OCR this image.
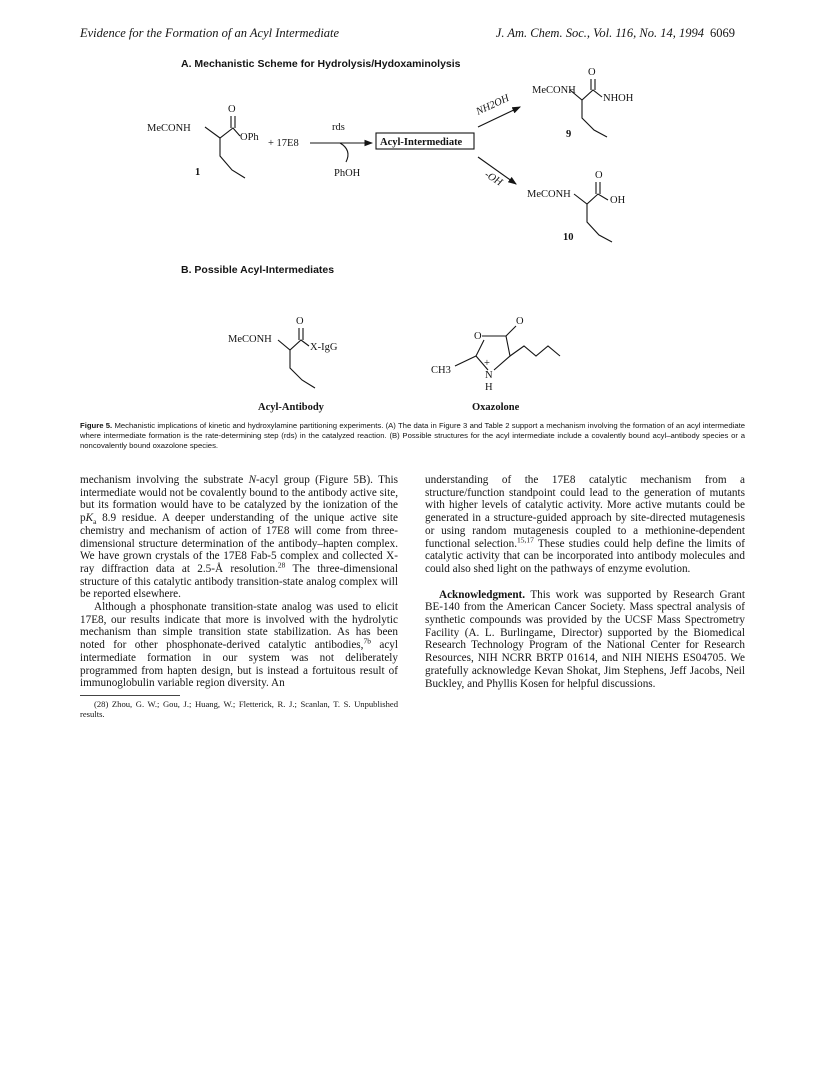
Evidence for the Formation of an Acyl Intermediate	J. Am. Chem. Soc., Vol. 116, No. 14, 1994 6069
A. Mechanistic Scheme for Hydrolysis/Hydoxaminolysis
B. Possible Acyl-Intermediates
MeCONH
O
OPh
1
+ 17E8
rds
PhOH
Acyl-Intermediate
NH2OH
-OH
MeCONH
O
NHOH
9
MeCONH
O
OH
10
MeCONH
O
X-IgG
Acyl-Antibody
O
O
CH3
+
N
H
Oxazolone
Figure 5. Mechanistic implications of kinetic and hydroxylamine partitioning experiments. (A) The data in Figure 3 and Table 2 support a mechanism involving the formation of an acyl intermediate where intermediate formation is the rate-determining step (rds) in the catalyzed reaction. (B) Possible structures for the acyl intermediate include a covalently bound acyl–antibody species or a noncovalently bound oxazolone species.

mechanism involving the substrate N-acyl group (Figure 5B). This intermediate would not be covalently bound to the antibody active site, but its formation would have to be catalyzed by the ionization of the $pK_a$ 8.9 residue. A deeper understanding of the unique active site chemistry and mechanism of action of 17E8 will come from three-dimensional structure determination of the antibody–hapten complex. We have grown crystals of the 17E8 Fab-5 complex and collected X-ray diffraction data at 2.5-Å resolution.$^{28}$ The three-dimensional structure of this catalytic antibody transition-state analog complex will be reported elsewhere.

Although a phosphonate transition-state analog was used to elicit 17E8, our results indicate that more is involved with the hydrolytic mechanism than simple transition state stabilization. As has been noted for other phosphonate-derived catalytic antibodies,$^{7b}$ acyl intermediate formation in our system was not deliberately programmed from hapten design, but is instead a fortuitous result of immunoglobulin variable region diversity. An

(28) Zhou, G. W.; Gou, J.; Huang, W.; Fletterick, R. J.; Scanlan, T. S. Unpublished results.

understanding of the 17E8 catalytic mechanism from a structure/function standpoint could lead to the generation of mutants with higher levels of catalytic activity. More active mutants could be generated in a structure-guided approach by site-directed mutagenesis or using random mutagenesis coupled to a methionine-dependent functional selection.$^{15,17}$ These studies could help define the limits of catalytic activity that can be incorporated into antibody molecules and could also shed light on the pathways of enzyme evolution.

Acknowledgment. This work was supported by Research Grant BE-140 from the American Cancer Society. Mass spectral analysis of synthetic compounds was provided by the UCSF Mass Spectrometry Facility (A. L. Burlingame, Director) supported by the Biomedical Research Technology Program of the National Center for Research Resources, NIH NCRR BRTP 01614, and NIH NIEHS ES04705. We gratefully acknowledge Kevan Shokat, Jim Stephens, Jeff Jacobs, Neil Buckley, and Phyllis Kosen for helpful discussions.
